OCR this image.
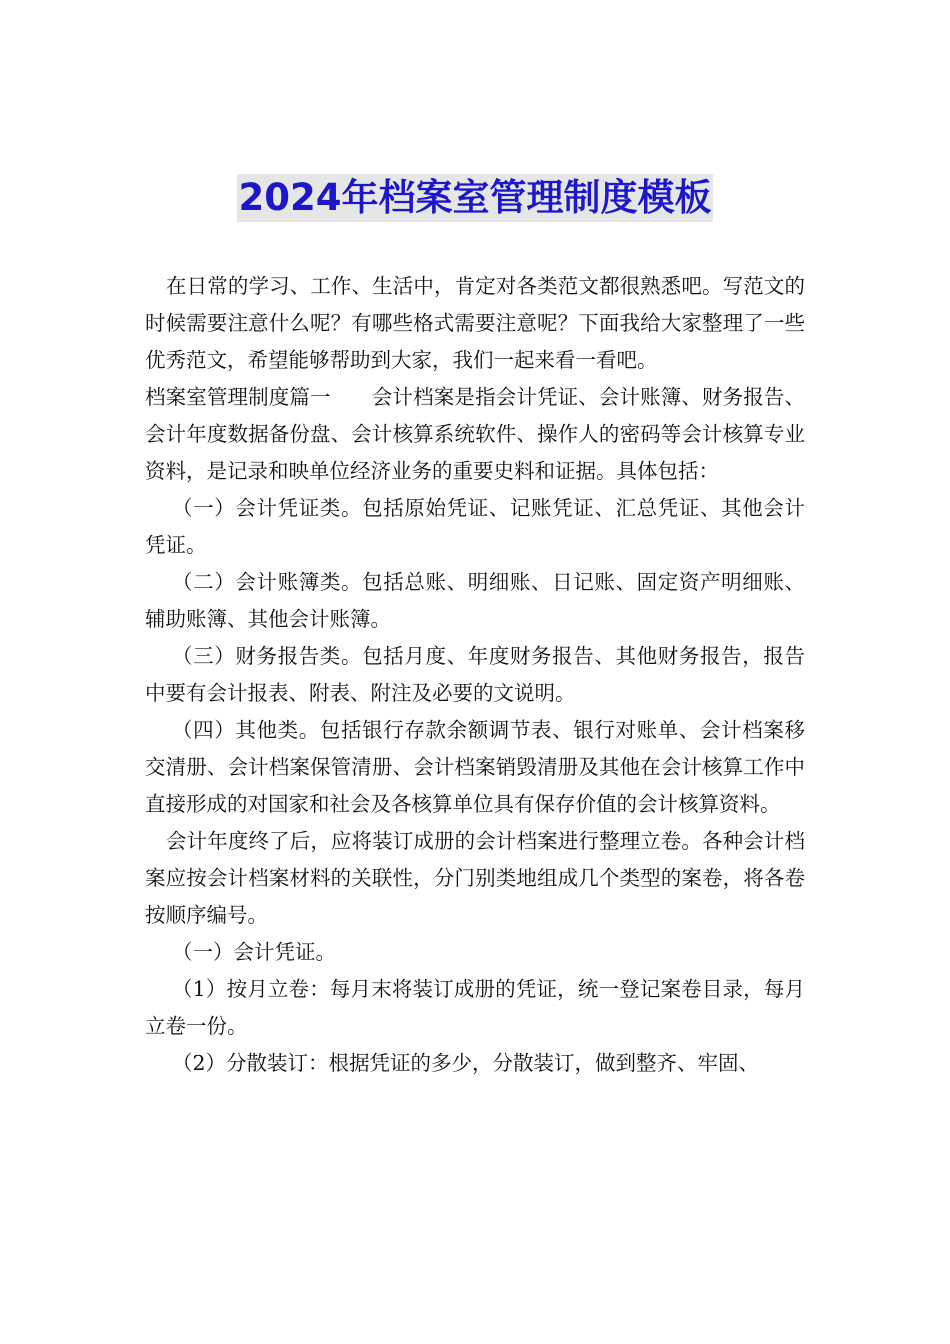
2024年档案室管理制度模板

在日常的学习、工作、生活中，肯定对各类范文都很熟悉吧。写范文的时候需要注意什么呢？有哪些格式需要注意呢？下面我给大家整理了一些优秀范文，希望能够帮助到大家，我们一起来看一看吧。

档案室管理制度篇一　　会计档案是指会计凭证、会计账簿、财务报告、会计年度数据备份盘、会计核算系统软件、操作人的密码等会计核算专业资料，是记录和映单位经济业务的重要史料和证据。具体包括：

（一）会计凭证类。包括原始凭证、记账凭证、汇总凭证、其他会计凭证。

（二）会计账簿类。包括总账、明细账、日记账、固定资产明细账、辅助账簿、其他会计账簿。

（三）财务报告类。包括月度、年度财务报告、其他财务报告，报告中要有会计报表、附表、附注及必要的文说明。

（四）其他类。包括银行存款余额调节表、银行对账单、会计档案移交清册、会计档案保管清册、会计档案销毁清册及其他在会计核算工作中直接形成的对国家和社会及各核算单位具有保存价值的会计核算资料。

会计年度终了后，应将装订成册的会计档案进行整理立卷。各种会计档案应按会计档案材料的关联性，分门别类地组成几个类型的案卷，将各卷按顺序编号。

（一）会计凭证。

（1）按月立卷：每月末将装订成册的凭证，统一登记案卷目录，每月立卷一份。

（2）分散装订：根据凭证的多少，分散装订，做到整齐、牢固、
